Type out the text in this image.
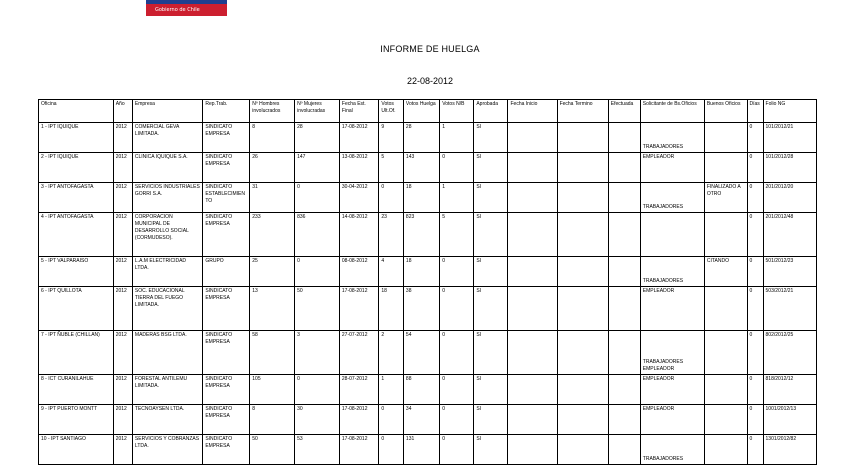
Gobierno de Chile
INFORME DE HUELGA
22-08-2012
Oficina	Año	Empresa	Rep.Trab.	Nº Hombres involucrados	Nº Mujeres involucradas	Fecha Est. Final	Votos Ult.Of.	Votos Huelga	Votos N/B	Aprobada	Fecha Inicio	Fecha Termino	Efectuada	Solicitante de Bs.Oficios	Buenos Oficios	Días	Folio NG
1 - IPT IQUIQUE	2012	COMERCIAL GEVA LIMITADA.	SINDICATO EMPRESA	8	28	17-08-2012	9	28	1	SI				TRABAJADORES		0	101/2012/21
2 - IPT IQUIQUE	2012	CLINICA IQUIQUE S.A.	SINDICATO EMPRESA	26	147	13-08-2012	5	143	0	SI				EMPLEADOR		0	101/2012/28
3 - IPT ANTOFAGASTA	2012	SERVICIOS INDUSTRIALES GORRI S.A.	SINDICATO ESTABLECIMIENTO	31	0	30-04-2012	0	18	1	SI				TRABAJADORES	FINALIZADO A OTRO	0	201/2012/20
4 - IPT ANTOFAGASTA	2012	CORPORACION MUNICIPAL DE DESARROLLO SOCIAL (CORMUDESO).	SINDICATO EMPRESA	233	836	14-08-2012	23	823	5	SI						0	201/2012/48
5 - IPT VALPARAISO	2012	L.A.M ELECTRICIDAD LTDA.	GRUPO	25	0	08-08-2012	4	18	0	SI				TRABAJADORES	CITANDO	0	501/2012/23
6 - IPT QUILLOTA	2012	SOC. EDUCACIONAL TIERRA DEL FUEGO LIMITADA.	SINDICATO EMPRESA	13	50	17-08-2012	18	38	0	SI				EMPLEADOR		0	503/2012/21
7 - IPT ÑUBLE (CHILLAN)	2012	MADERAS BSG LTDA.	SINDICATO EMPRESA	58	3	27-07-2012	2	54	0	SI				TRABAJADORES EMPLEADOR		0	802/2012/25
8 - ICT CURANILAHUE	2012	FORESTAL ANTILEMU LIMITADA.	SINDICATO EMPRESA	105	0	28-07-2012	1	88	0	SI				EMPLEADOR		0	818/2012/12
9 - IPT PUERTO MONTT	2012	TECNOAYSEN LTDA.	SINDICATO EMPRESA	8	30	17-08-2012	0	34	0	SI				EMPLEADOR		0	1001/2012/13
10 - IPT SANTIAGO	2012	SERVICIOS Y COBRANZAS LTDA.	SINDICATO EMPRESA	50	53	17-08-2012	0	131	0	SI				TRABAJADORES		0	1301/2012/82
